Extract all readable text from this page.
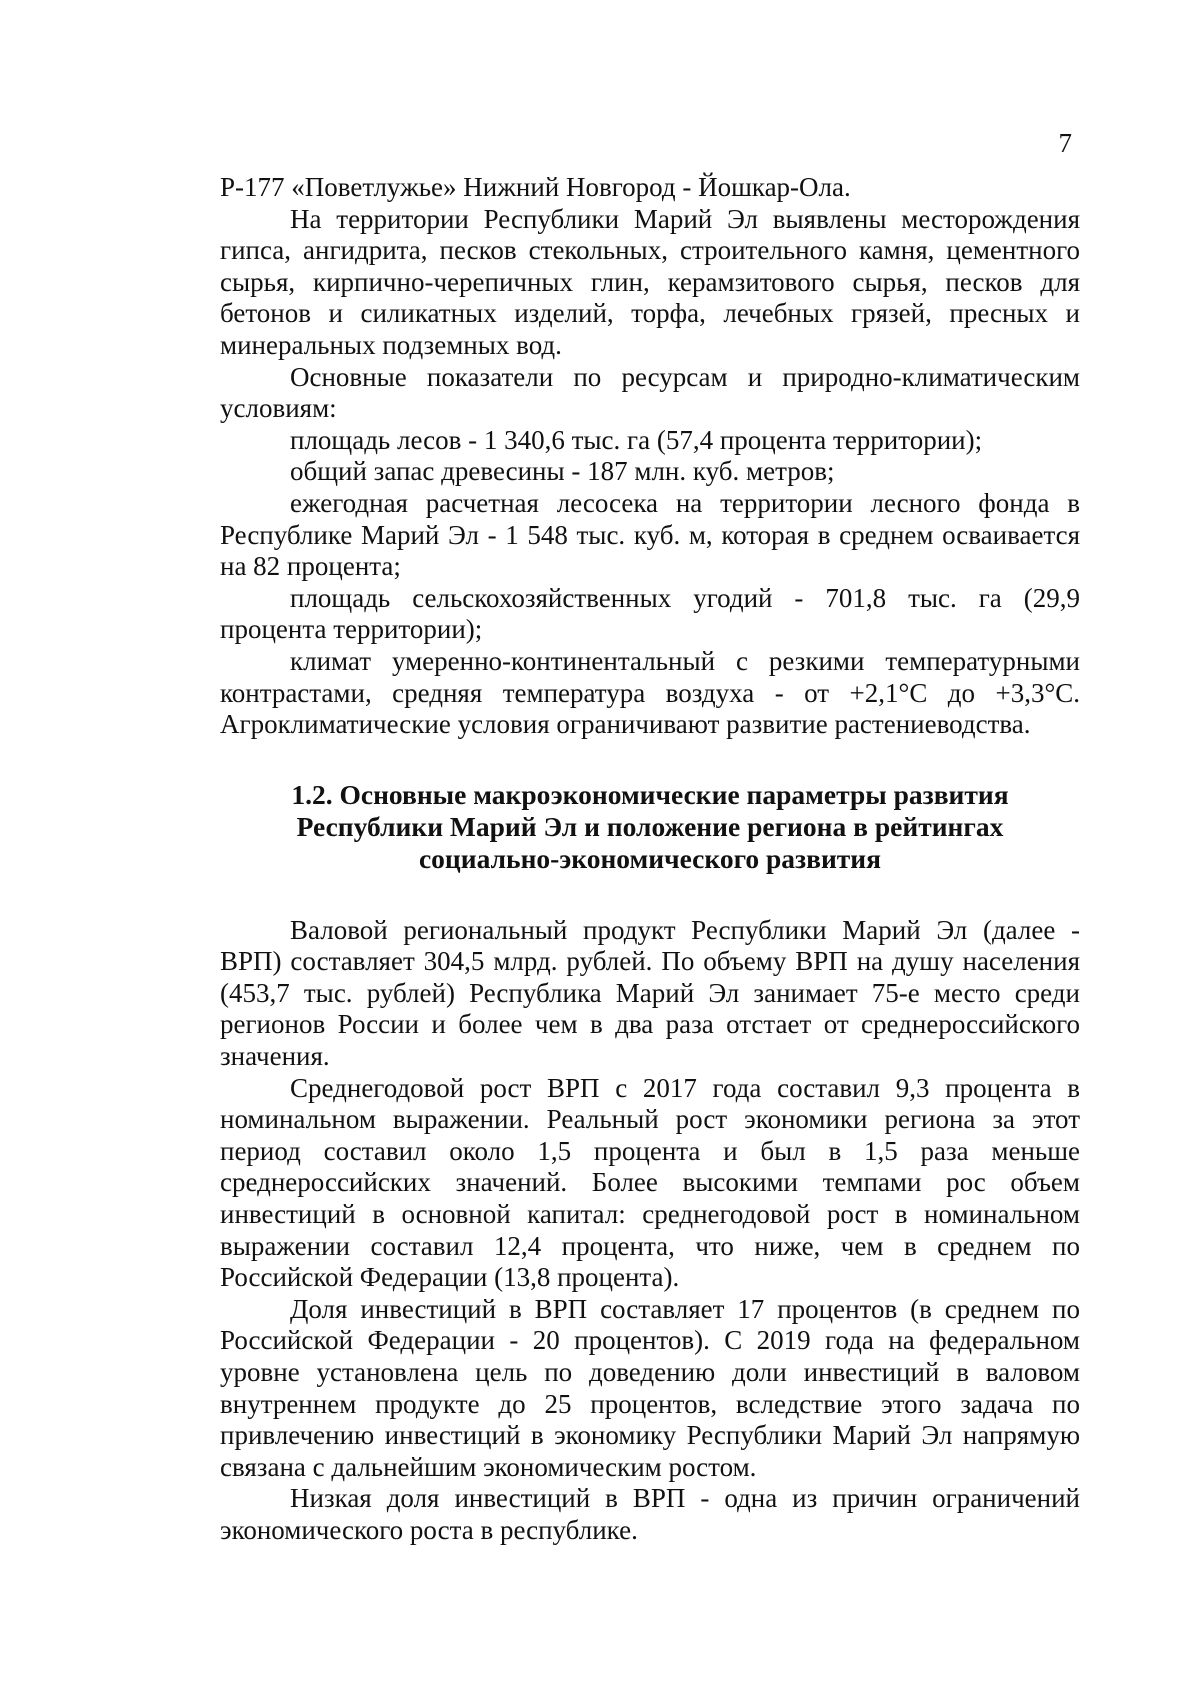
7

Р-177 «Поветлужье» Нижний Новгород - Йошкар-Ола.

На территории Республики Марий Эл выявлены месторождения гипса, ангидрита, песков стекольных, строительного камня, цементного сырья, кирпично-черепичных глин, керамзитового сырья, песков для бетонов и силикатных изделий, торфа, лечебных грязей, пресных и минеральных подземных вод.

Основные показатели по ресурсам и природно-климатическим условиям:

площадь лесов - 1 340,6 тыс. га (57,4 процента территории);

общий запас древесины - 187 млн. куб. метров;

ежегодная расчетная лесосека на территории лесного фонда в Республике Марий Эл - 1 548 тыс. куб. м, которая в среднем осваивается на 82 процента;

площадь сельскохозяйственных угодий - 701,8 тыс. га (29,9 процента территории);

климат умеренно-континентальный с резкими температурными контрастами, средняя температура воздуха - от +2,1°С до +3,3°С. Агроклиматические условия ограничивают развитие растениеводства.

1.2. Основные макроэкономические параметры развития
Республики Марий Эл и положение региона в рейтингах
социально-экономического развития

Валовой региональный продукт Республики Марий Эл (далее - ВРП) составляет 304,5 млрд. рублей. По объему ВРП на душу населения (453,7 тыс. рублей) Республика Марий Эл занимает 75-е место среди регионов России и более чем в два раза отстает от среднероссийского значения.

Среднегодовой рост ВРП с 2017 года составил 9,3 процента в номинальном выражении. Реальный рост экономики региона за этот период составил около 1,5 процента и был в 1,5 раза меньше среднероссийских значений. Более высокими темпами рос объем инвестиций в основной капитал: среднегодовой рост в номинальном выражении составил 12,4 процента, что ниже, чем в среднем по Российской Федерации (13,8 процента).

Доля инвестиций в ВРП составляет 17 процентов (в среднем по Российской Федерации - 20 процентов). С 2019 года на федеральном уровне установлена цель по доведению доли инвестиций в валовом внутреннем продукте до 25 процентов, вследствие этого задача по привлечению инвестиций в экономику Республики Марий Эл напрямую связана с дальнейшим экономическим ростом.

Низкая доля инвестиций в ВРП - одна из причин ограничений экономического роста в республике.
